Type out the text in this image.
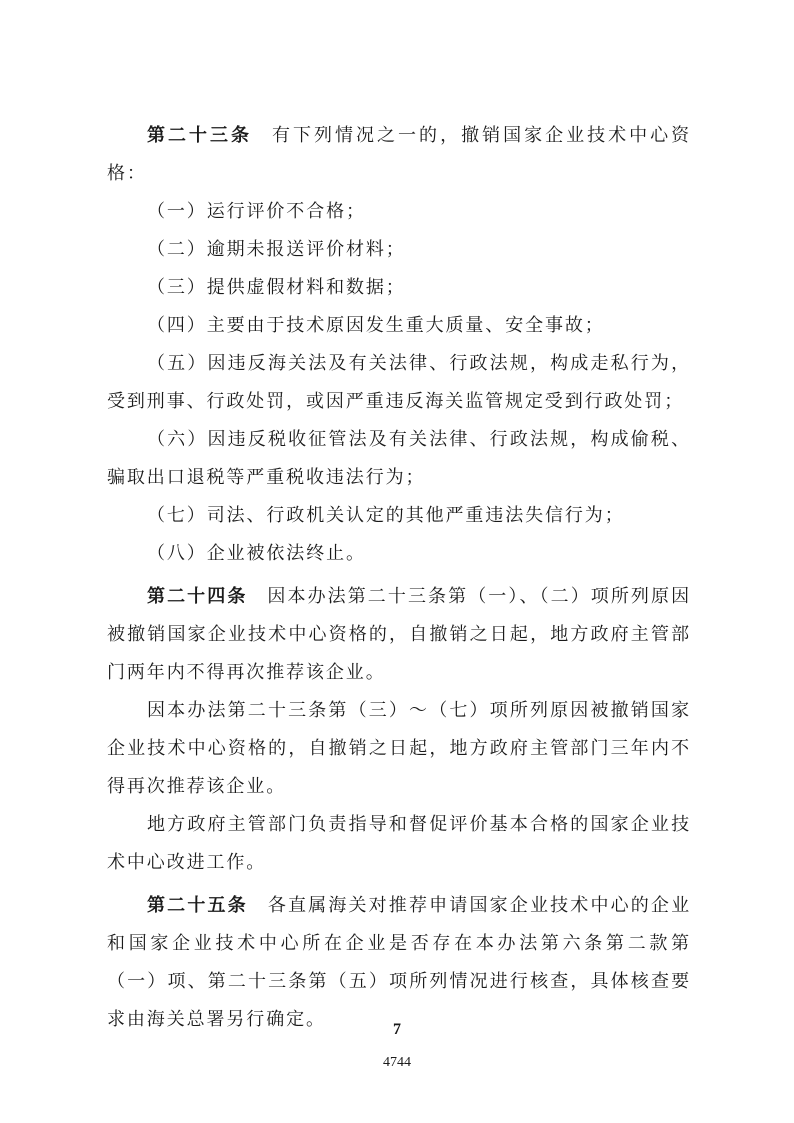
第二十三条 有下列情况之一的，撤销国家企业技术中心资格：

（一）运行评价不合格；

（二）逾期未报送评价材料；

（三）提供虚假材料和数据；

（四）主要由于技术原因发生重大质量、安全事故；

（五）因违反海关法及有关法律、行政法规，构成走私行为，受到刑事、行政处罚，或因严重违反海关监管规定受到行政处罚；

（六）因违反税收征管法及有关法律、行政法规，构成偷税、骗取出口退税等严重税收违法行为；

（七）司法、行政机关认定的其他严重违法失信行为；

（八）企业被依法终止。

第二十四条 因本办法第二十三条第（一）、（二）项所列原因被撤销国家企业技术中心资格的，自撤销之日起，地方政府主管部门两年内不得再次推荐该企业。

因本办法第二十三条第（三）～（七）项所列原因被撤销国家企业技术中心资格的，自撤销之日起，地方政府主管部门三年内不得再次推荐该企业。

地方政府主管部门负责指导和督促评价基本合格的国家企业技术中心改进工作。

第二十五条 各直属海关对推荐申请国家企业技术中心的企业和国家企业技术中心所在企业是否存在本办法第六条第二款第（一）项、第二十三条第（五）项所列情况进行核查，具体核查要求由海关总署另行确定。	7
4744
